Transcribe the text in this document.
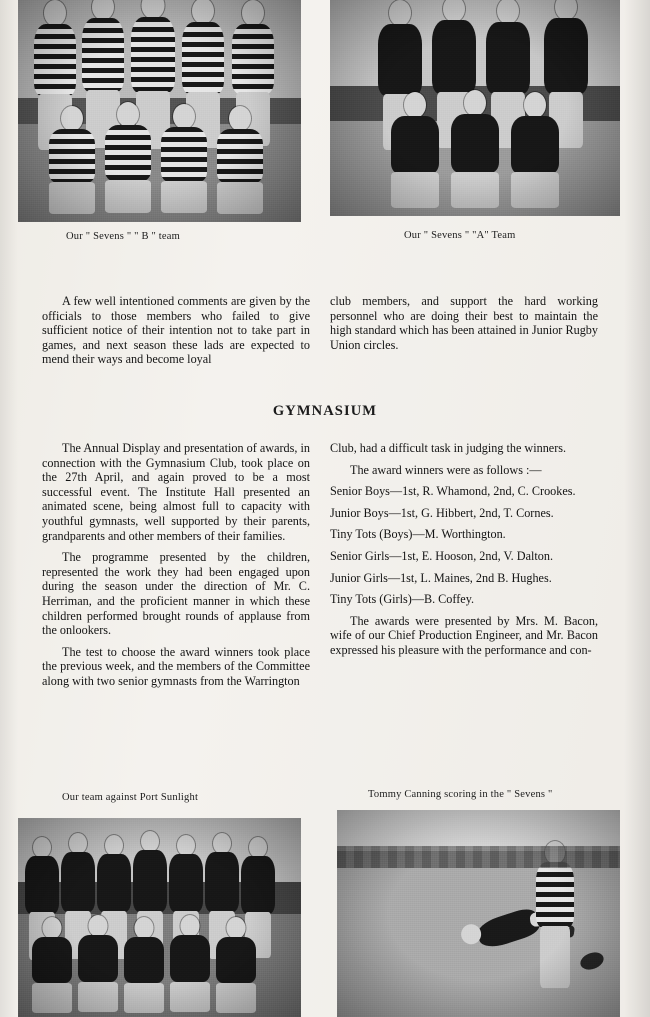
Our " Sevens " " B " team	Our " Sevens " "A" Team

A few well intentioned comments are given by the officials to those members who failed to give sufficient notice of their intention not to take part in games, and next season these lads are expected to mend their ways and become loyal

club members, and support the hard working personnel who are doing their best to maintain the high standard which has been attained in Junior Rugby Union circles.

GYMNASIUM

The Annual Display and presentation of awards, in connection with the Gymnasium Club, took place on the 27th April, and again proved to be a most successful event. The Institute Hall presented an animated scene, being almost full to capacity with youthful gymnasts, well supported by their parents, grandparents and other members of their families.

The programme presented by the children, represented the work they had been engaged upon during the season under the direction of Mr. C. Herriman, and the proficient manner in which these children performed brought rounds of applause from the onlookers.

The test to choose the award winners took place the previous week, and the members of the Committee along with two senior gymnasts from the Warrington

Club, had a difficult task in judging the winners.

The award winners were as follows :—

Senior Boys—1st, R. Whamond, 2nd, C. Crookes.

Junior Boys—1st, G. Hibbert, 2nd, T. Cornes.

Tiny Tots (Boys)—M. Worthington.

Senior Girls—1st, E. Hooson, 2nd, V. Dalton.

Junior Girls—1st, L. Maines, 2nd B. Hughes.

Tiny Tots (Girls)—B. Coffey.

The awards were presented by Mrs. M. Bacon, wife of our Chief Production Engineer, and Mr. Bacon expressed his pleasure with the performance and con-

Our team against Port Sunlight	Tommy Canning scoring in the " Sevens "
